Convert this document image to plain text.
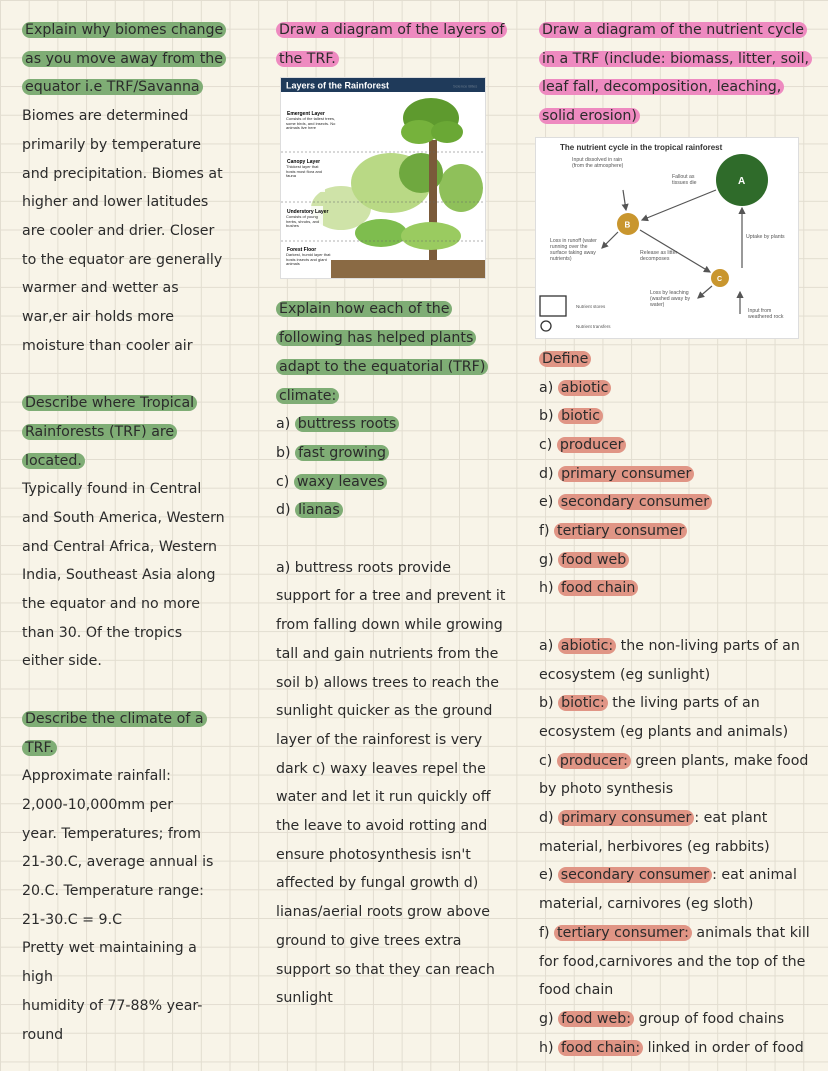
Explain why biomes change as you move away from the equator i.e TRF/Savanna

Biomes are determined primarily by temperature and precipitation. Biomes at higher and lower latitudes are cooler and drier. Closer to the equator are generally warmer and wetter as war,er air holds more moisture than cooler air

Describe where Tropical Rainforests (TRF) are located.

Typically found in Central and South America, Western and Central Africa, Western India, Southeast Asia along the equator and no more than 30. Of the tropics either side.

Describe the climate of a TRF.

Approximate rainfall:

2,000-10,000mm per

year. Temperatures; from

21-30.C, average annual is

20.C. Temperature range:

21-30.C = 9.C

Pretty wet maintaining a high

humidity of 77-88% year-

round

Draw a diagram of the layers of the TRF.

Layers of the Rainforest	Science Bites
Emergent Layer
Consists of the tallest trees, some birds, and insects. No animals live here
Canopy Layer
Thickest layer that hosts most flora and fauna
Understory Layer
Consists of young herbs, shrubs, and bushes
Forest Floor
Darkest, humid layer that hosts insects and giant animals

Explain how each of the following has helped plants adapt to the equatorial (TRF) climate:

a) buttress roots

b) fast growing

c) waxy leaves

d) lianas

a) buttress roots provide support for a tree and prevent it from falling down while growing tall and gain nutrients from the soil b) allows trees to reach the sunlight quicker as the ground layer of the rainforest is very dark c) waxy leaves repel the water and let it run quickly off the leave to avoid rotting and ensure photosynthesis isn't affected by fungal growth d) lianas/aerial roots grow above ground to give trees extra support so that they can reach sunlight

Draw a diagram of the nutrient cycle in a TRF (include: biomass, litter, soil, leaf fall, decomposition, leaching, solid erosion)

The nutrient cycle in the tropical rainforest
A
B
C
Input dissolved in rain (from the atmosphere)
Fallout as tissues die
Uptake by plants
Loss in runoff (water running over the surface taking away nutrients)
Release as litter decomposes
Loss by leaching (washed away by water)
Input from weathered rock
Nutrient stores
Nutrient transfers

Define

a) abiotic

b) biotic

c) producer

d) primary consumer

e) secondary consumer

f) tertiary consumer

g) food web

h) food chain

a) abiotic: the non-living parts of an ecosystem (eg sunlight)

b) biotic: the living parts of an ecosystem (eg plants and animals)

c) producer: green plants, make food by photo synthesis

d) primary consumer : eat plant material, herbivores (eg rabbits)

e) secondary consumer : eat animal material, carnivores (eg sloth)

f) tertiary consumer: animals that kill for food,carnivores and the top of the food chain

g) food web: group of food chains

h) food chain: linked in order of food
